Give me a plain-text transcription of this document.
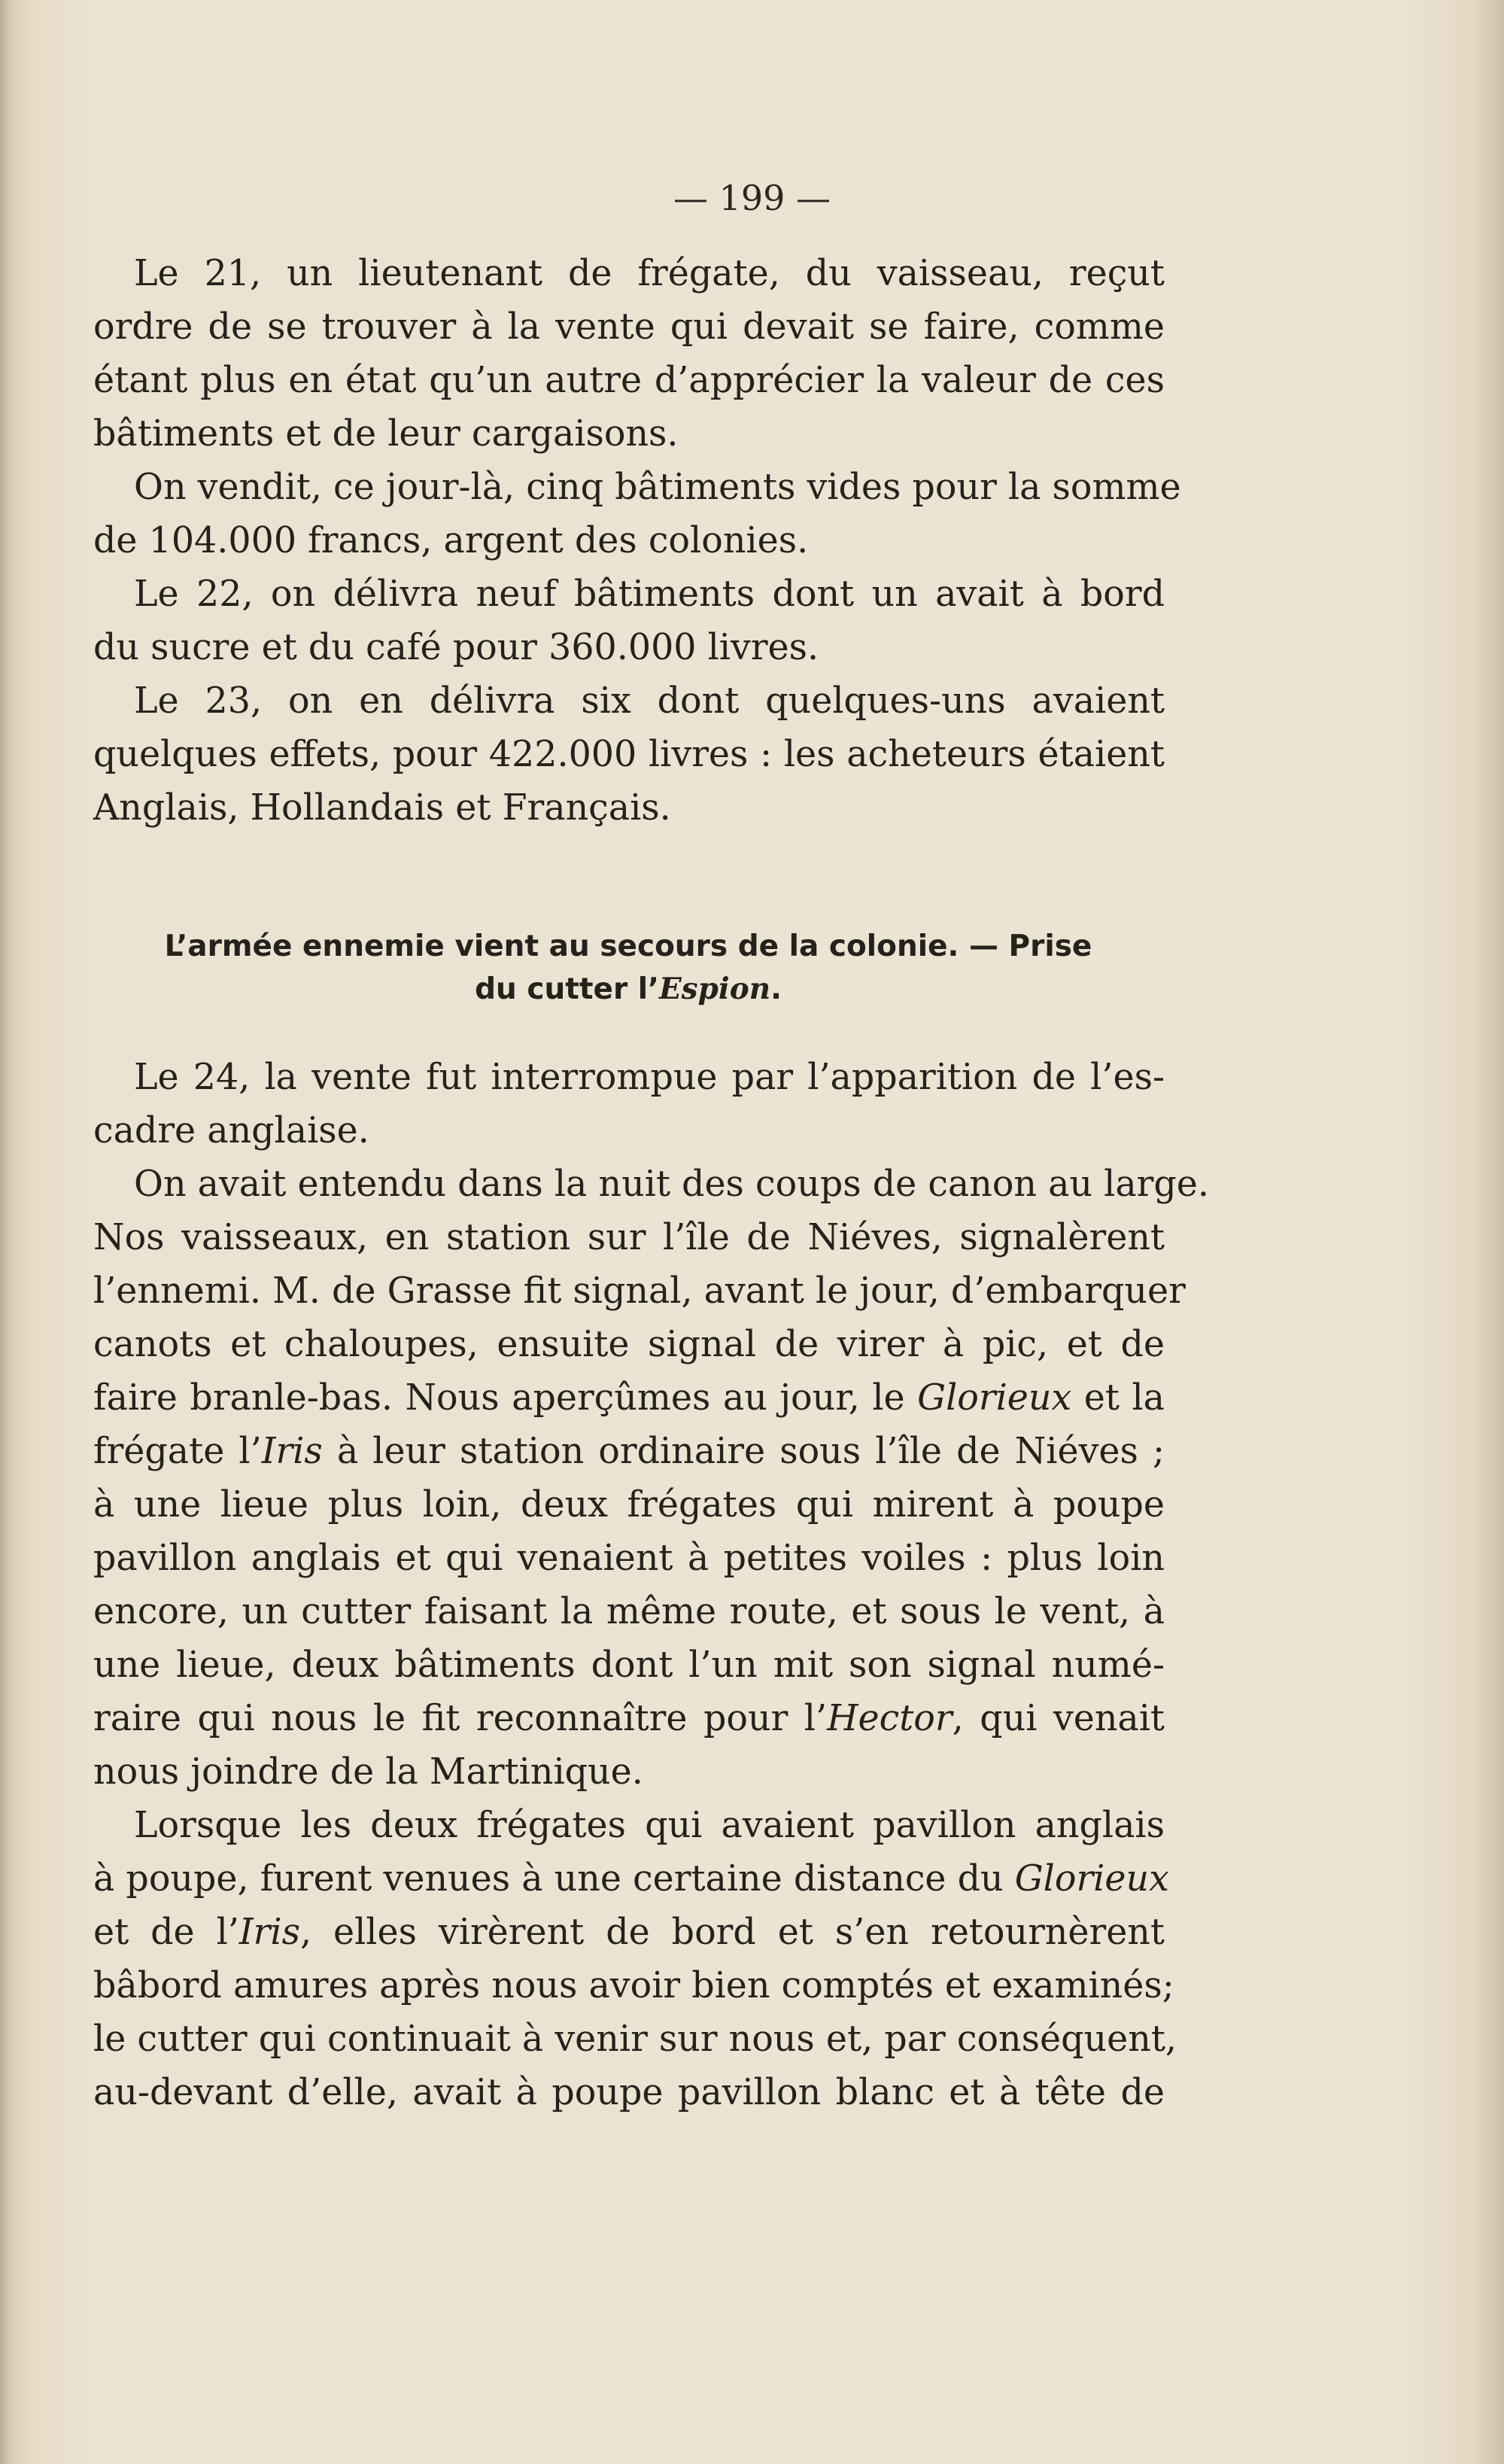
— 199 —
Le 21, un lieutenant de frégate, du vaisseau, reçut
ordre de se trouver à la vente qui devait se faire, comme
étant plus en état qu’un autre d’apprécier la valeur de ces
bâtiments et de leur cargaisons.
On vendit, ce jour-là, cinq bâtiments vides pour la somme
de 104.000 francs, argent des colonies.
Le 22, on délivra neuf bâtiments dont un avait à bord
du sucre et du café pour 360.000 livres.
Le 23, on en délivra six dont quelques-uns avaient
quelques effets, pour 422.000 livres : les acheteurs étaient
Anglais, Hollandais et Français.
L’armée ennemie vient au secours de la colonie. — Prise
du cutter l’Espion.
Le 24, la vente fut interrompue par l’apparition de l’es-
cadre anglaise.
On avait entendu dans la nuit des coups de canon au large.
Nos vaisseaux, en station sur l’île de Niéves, signalèrent
l’ennemi. M. de Grasse fit signal, avant le jour, d’embarquer
canots et chaloupes, ensuite signal de virer à pic, et de
faire branle-bas. Nous aperçûmes au jour, le Glorieux et la
frégate l’Iris à leur station ordinaire sous l’île de Niéves ;
à une lieue plus loin, deux frégates qui mirent à poupe
pavillon anglais et qui venaient à petites voiles : plus loin
encore, un cutter faisant la même route, et sous le vent, à
une lieue, deux bâtiments dont l’un mit son signal numé-
raire qui nous le fit reconnaître pour l’Hector, qui venait
nous joindre de la Martinique.
Lorsque les deux frégates qui avaient pavillon anglais
à poupe, furent venues à une certaine distance du Glorieux
et de l’Iris, elles virèrent de bord et s’en retournèrent
bâbord amures après nous avoir bien comptés et examinés;
le cutter qui continuait à venir sur nous et, par conséquent,
au-devant d’elle, avait à poupe pavillon blanc et à tête de
